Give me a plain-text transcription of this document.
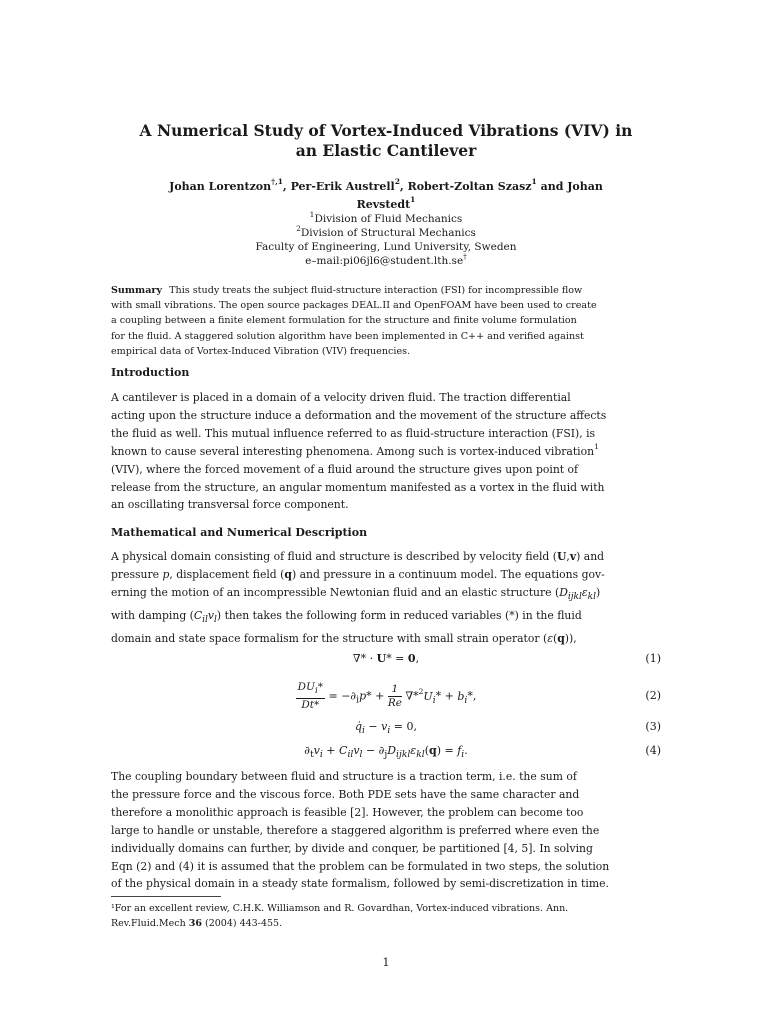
A Numerical Study of Vortex-Induced Vibrations (VIV) in
an Elastic Cantilever
Johan Lorentzon$^{\dagger,1}$, Per-Erik Austrell$^2$, Robert-Zoltan Szasz$^1$ and Johan
Revstedt$^1$
$^1$Division of Fluid Mechanics
$^2$Division of Structural Mechanics
Faculty of Engineering, Lund University, Sweden
e–mail:pi06jl6@student.lth.se†
Summary This study treats the subject fluid-structure interaction (FSI) for incompressible flow
with small vibrations. The open source packages DEAL.II and OpenFOAM have been used to create
a coupling between a finite element formulation for the structure and finite volume formulation
for the fluid. A staggered solution algorithm have been implemented in C++ and verified against
empirical data of Vortex-Induced Vibration (VIV) frequencies.
Introduction
A cantilever is placed in a domain of a velocity driven fluid. The traction differential
acting upon the structure induce a deformation and the movement of the structure affects
the fluid as well. This mutual influence referred to as fluid-structure interaction (FSI), is
known to cause several interesting phenomena. Among such is vortex-induced vibration$^1$
(VIV), where the forced movement of a fluid around the structure gives upon point of
release from the structure, an angular momentum manifested as a vortex in the fluid with
an oscillating transversal force component.
Mathematical and Numerical Description
A physical domain consisting of fluid and structure is described by velocity field (U,v) and
pressure p, displacement field (q) and pressure in a continuum model. The equations gov-
erning the motion of an incompressible Newtonian fluid and an elastic structure $(D_{ijkl}\varepsilon_{kl})$
with damping $(C_{il}v_l)$ then takes the following form in reduced variables (*) in the fluid
domain and state space formalism for the structure with small strain operator (ε(q)),
∇* · U* = 0,	(1)
$\frac{DU_i*}{Dt*} = -\partial_ip* + \frac{1}{Re} \nabla*^2U_i* + b_i*$,	(2)
$q̇_i - v_i = 0$,	(3)
$\partial_tv_i + C_{il}v_l - \partial_jD_{ijkl}\varepsilon_{kl}(q) = f_i$.	(4)
The coupling boundary between fluid and structure is a traction term, i.e. the sum of
the pressure force and the viscous force. Both PDE sets have the same character and
therefore a monolithic approach is feasible [2]. However, the problem can become too
large to handle or unstable, therefore a staggered algorithm is preferred where even the
individually domains can further, by divide and conquer, be partitioned [4, 5]. In solving
Eqn (2) and (4) it is assumed that the problem can be formulated in two steps, the solution
of the physical domain in a steady state formalism, followed by semi-discretization in time.
¹For an excellent review, C.H.K. Williamson and R. Govardhan, Vortex-induced vibrations. Ann.
Rev.Fluid.Mech 36 (2004) 443-455.
1
